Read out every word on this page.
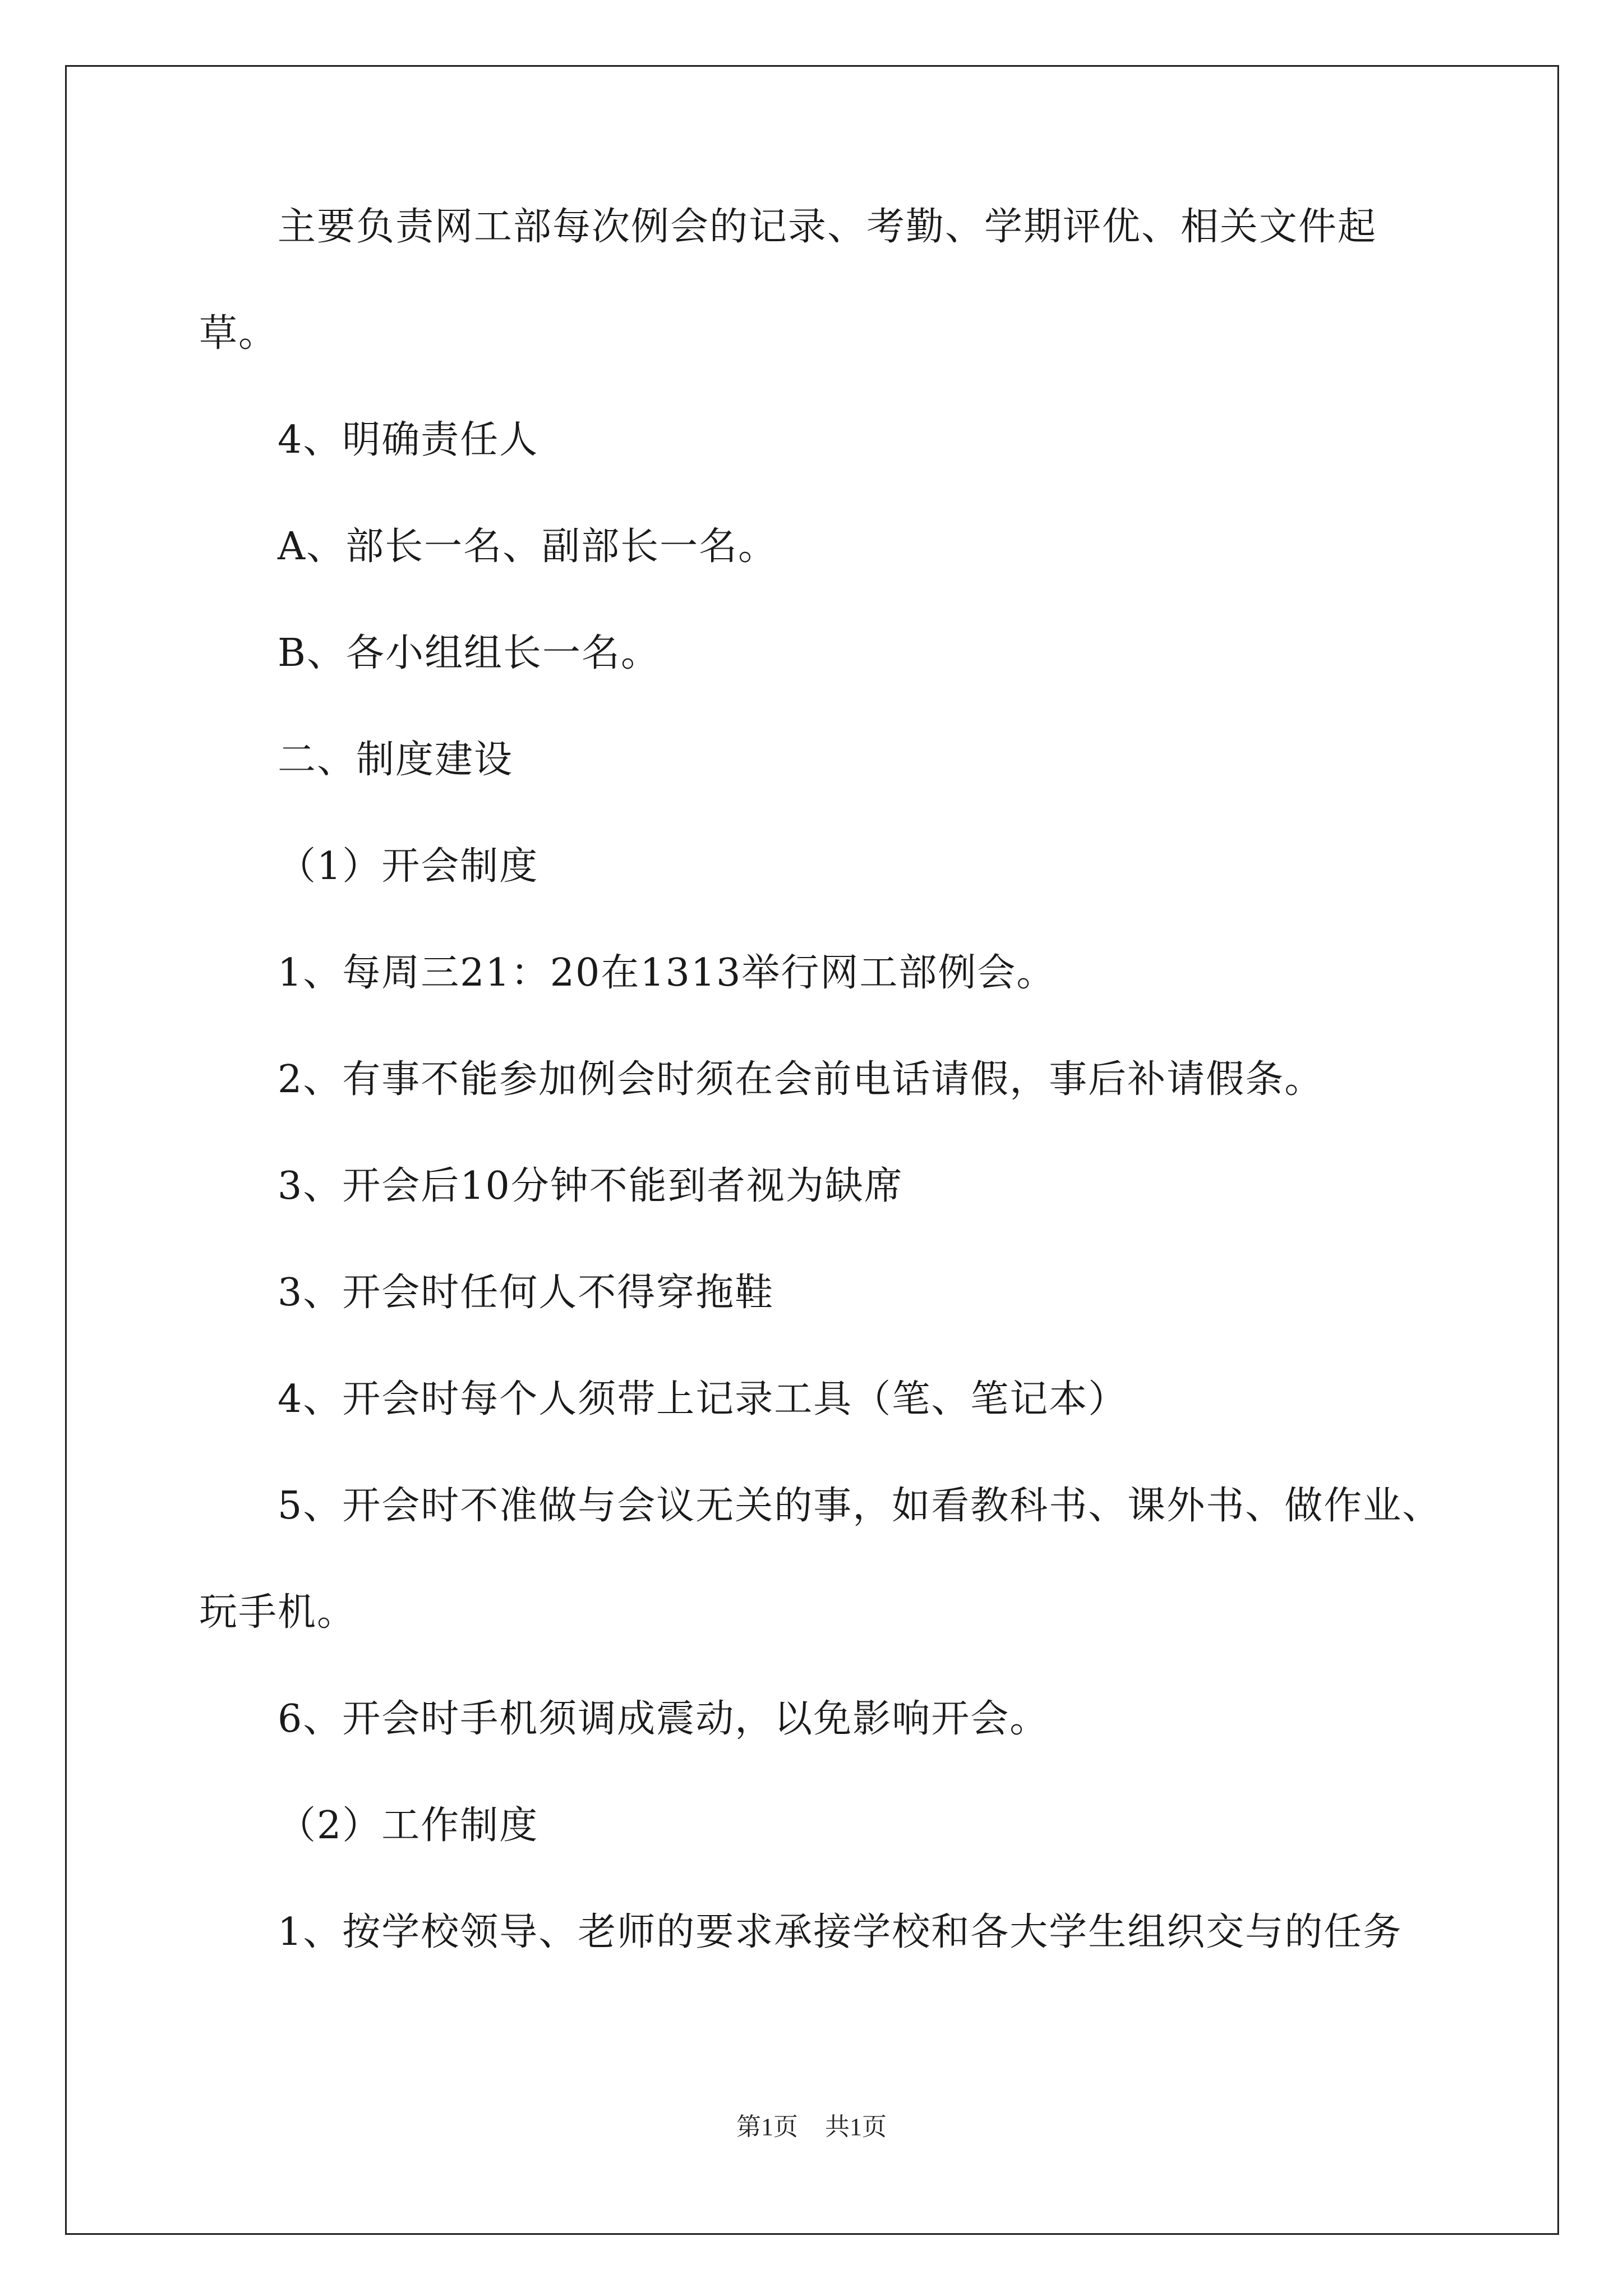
主要负责网工部每次例会的记录、考勤、学期评优、相关文件起
草。
4、明确责任人
A、部长一名、副部长一名。
B、各小组组长一名。
二、制度建设
（1）开会制度
1、每周三21：20在1313举行网工部例会。
2、有事不能参加例会时须在会前电话请假，事后补请假条。
3、开会后10分钟不能到者视为缺席
3、开会时任何人不得穿拖鞋
4、开会时每个人须带上记录工具（笔、笔记本）
5、开会时不准做与会议无关的事，如看教科书、课外书、做作业、
玩手机。
6、开会时手机须调成震动，以免影响开会。
（2）工作制度
1、按学校领导、老师的要求承接学校和各大学生组织交与的任务
第1页 共1页
